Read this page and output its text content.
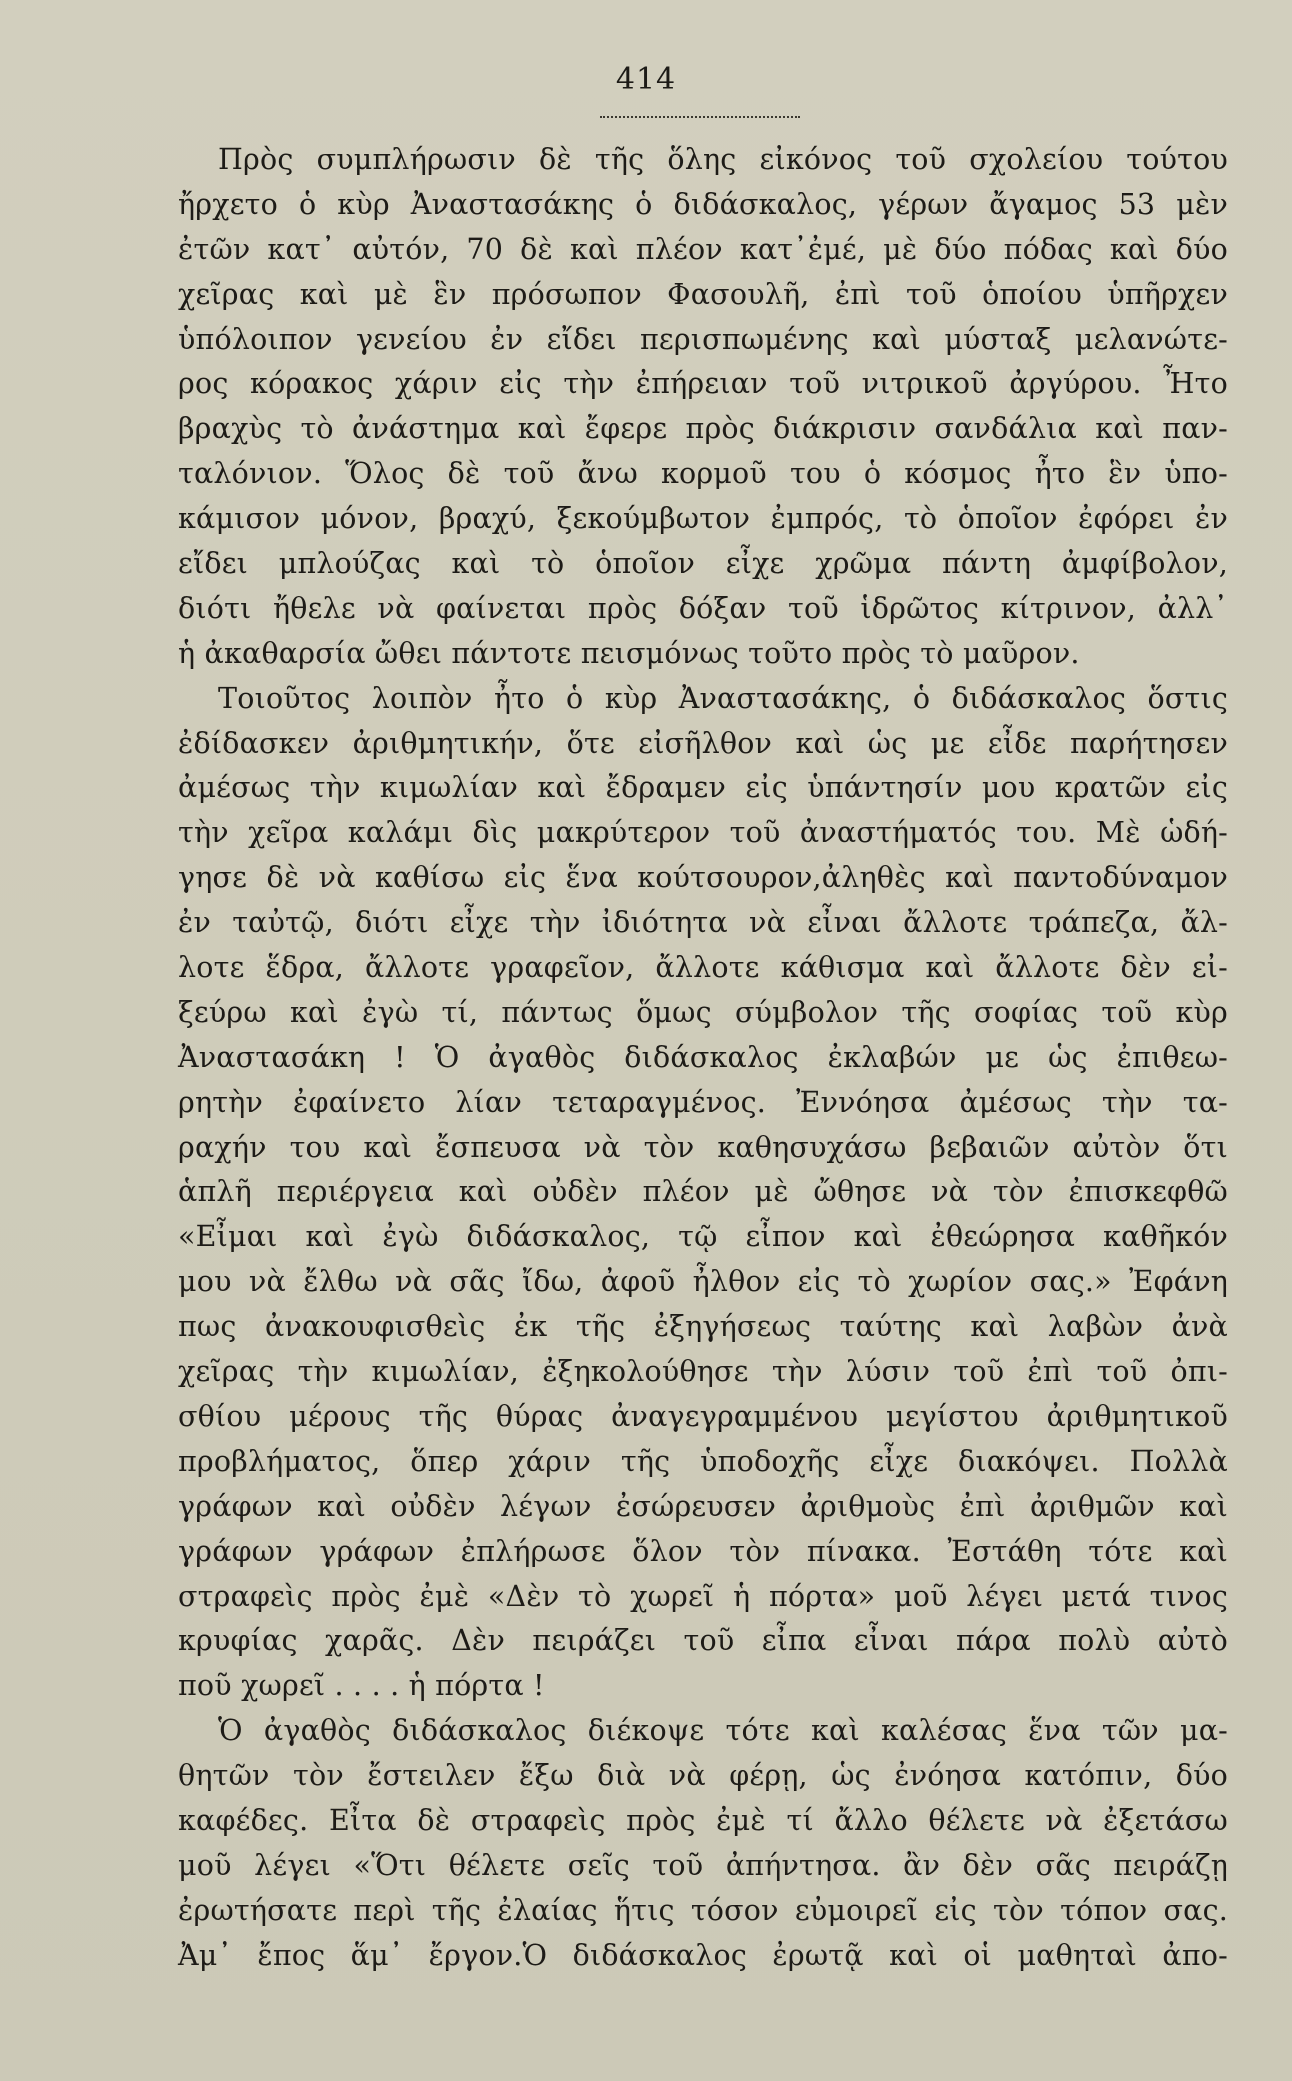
414
Πρὸς συμπλήρωσιν δὲ τῆς ὅλης εἰκόνος τοῦ σχολείου τούτου
ἤρχετο ὁ κὺρ Ἀναστασάκης ὁ διδάσκαλος, γέρων ἄγαμος 53 μὲν
ἐτῶν κατ᾽ αὐτόν, 70 δὲ καὶ πλέον κατ᾽ἐμέ, μὲ δύο πόδας καὶ δύο
χεῖρας καὶ μὲ ἓν πρόσωπον Φασουλῆ, ἐπὶ τοῦ ὁποίου ὑπῆρχεν
ὑπόλοιπον γενείου ἐν εἴδει περισπωμένης καὶ μύσταξ μελανώτε-
ρος κόρακος χάριν εἰς τὴν ἐπήρειαν τοῦ νιτρικοῦ ἀργύρου. Ἦτο
βραχὺς τὸ ἀνάστημα καὶ ἔφερε πρὸς διάκρισιν σανδάλια καὶ παν-
ταλόνιον. Ὅλος δὲ τοῦ ἄνω κορμοῦ του ὁ κόσμος ἦτο ἓν ὑπο-
κάμισον μόνον, βραχύ, ξεκούμβωτον ἐμπρός, τὸ ὁποῖον ἐφόρει ἐν
εἴδει μπλούζας καὶ τὸ ὁποῖον εἶχε χρῶμα πάντη ἀμφίβολον,
διότι ἤθελε νὰ φαίνεται πρὸς δόξαν τοῦ ἱδρῶτος κίτρινον, ἀλλ᾽
ἡ ἀκαθαρσία ὤθει πάντοτε πεισμόνως τοῦτο πρὸς τὸ μαῦρον.
Τοιοῦτος λοιπὸν ἦτο ὁ κὺρ Ἀναστασάκης, ὁ διδάσκαλος ὅστις
ἐδίδασκεν ἀριθμητικήν, ὅτε εἰσῆλθον καὶ ὡς με εἶδε παρήτησεν
ἀμέσως τὴν κιμωλίαν καὶ ἔδραμεν εἰς ὑπάντησίν μου κρατῶν εἰς
τὴν χεῖρα καλάμι δὶς μακρύτερον τοῦ ἀναστήματός του. Μὲ ὡδή-
γησε δὲ νὰ καθίσω εἰς ἕνα κούτσουρον,ἀληθὲς καὶ παντοδύναμον
ἐν ταὐτῷ, διότι εἶχε τὴν ἰδιότητα νὰ εἶναι ἄλλοτε τράπεζα, ἄλ-
λοτε ἕδρα, ἄλλοτε γραφεῖον, ἄλλοτε κάθισμα καὶ ἄλλοτε δὲν εἰ-
ξεύρω καὶ ἐγὼ τί, πάντως ὅμως σύμβολον τῆς σοφίας τοῦ κὺρ
Ἀναστασάκη ! Ὁ ἀγαθὸς διδάσκαλος ἐκλαβών με ὡς ἐπιθεω-
ρητὴν ἐφαίνετο λίαν τεταραγμένος. Ἐννόησα ἀμέσως τὴν τα-
ραχήν του καὶ ἔσπευσα νὰ τὸν καθησυχάσω βεβαιῶν αὐτὸν ὅτι
ἁπλῆ περιέργεια καὶ οὐδὲν πλέον μὲ ὤθησε νὰ τὸν ἐπισκεφθῶ
«Εἶμαι καὶ ἐγὼ διδάσκαλος, τῷ εἶπον καὶ ἐθεώρησα καθῆκόν
μου νὰ ἔλθω νὰ σᾶς ἴδω, ἀφοῦ ἦλθον εἰς τὸ χωρίον σας.» Ἐφάνη
πως ἀνακουφισθεὶς ἐκ τῆς ἐξηγήσεως ταύτης καὶ λαβὼν ἀνὰ
χεῖρας τὴν κιμωλίαν, ἐξηκολούθησε τὴν λύσιν τοῦ ἐπὶ τοῦ ὀπι-
σθίου μέρους τῆς θύρας ἀναγεγραμμένου μεγίστου ἀριθμητικοῦ
προβλήματος, ὅπερ χάριν τῆς ὑποδοχῆς εἶχε διακόψει. Πολλὰ
γράφων καὶ οὐδὲν λέγων ἐσώρευσεν ἀριθμοὺς ἐπὶ ἀριθμῶν καὶ
γράφων γράφων ἐπλήρωσε ὅλον τὸν πίνακα. Ἐστάθη τότε καὶ
στραφεὶς πρὸς ἐμὲ «Δὲν τὸ χωρεῖ ἡ πόρτα» μοῦ λέγει μετά τινος
κρυφίας χαρᾶς. Δὲν πειράζει τοῦ εἶπα εἶναι πάρα πολὺ αὐτὸ
ποῦ χωρεῖ . . . . ἡ πόρτα !
Ὁ ἀγαθὸς διδάσκαλος διέκοψε τότε καὶ καλέσας ἕνα τῶν μα-
θητῶν τὸν ἔστειλεν ἔξω διὰ νὰ φέρῃ, ὡς ἐνόησα κατόπιν, δύο
καφέδες. Εἶτα δὲ στραφεὶς πρὸς ἐμὲ τί ἄλλο θέλετε νὰ ἐξετάσω
μοῦ λέγει «Ὅτι θέλετε σεῖς τοῦ ἀπήντησα. ἂν δὲν σᾶς πειράζῃ
ἐρωτήσατε περὶ τῆς ἐλαίας ἥτις τόσον εὐμοιρεῖ εἰς τὸν τόπον σας.
Ἀμ᾽ ἔπος ἅμ᾽ ἔργον.Ὁ διδάσκαλος ἐρωτᾷ καὶ οἱ μαθηταὶ ἀπο-
